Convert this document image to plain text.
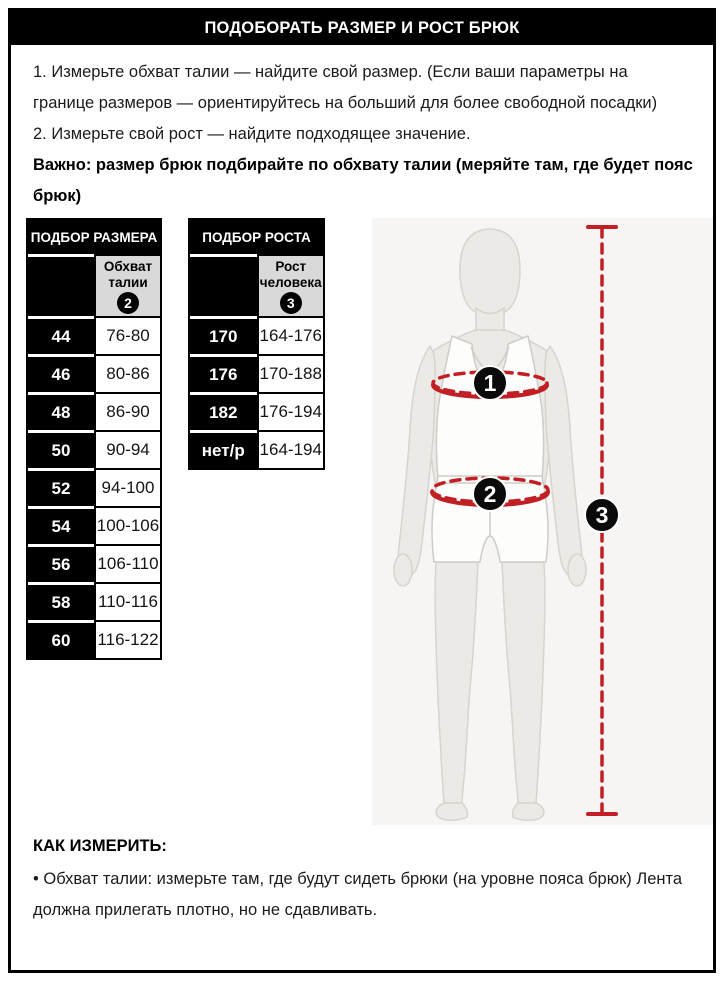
ПОДОБОРАТЬ РАЗМЕР И РОСТ БРЮК

1. Измерьте обхват талии — найдите свой размер. (Если ваши параметры на границе размеров — ориентируйтесь на больший для более свободной посадки)

2. Измерьте свой рост — найдите подходящее значение.

Важно: размер брюк подбирайте по обхвату талии (меряйте там, где будет пояс брюк)

ПОДБОР РАЗМЕРА	
Размер изделия	Обхват талии
2
44	76-80
46	80-86
48	86-90
50	90-94
52	94-100
54	100-106
56	106-110
58	110-116
60	116-122
ПОДБОР РОСТА	
Рост изделия	Рост человека
3
170	164-176
176	170-188
182	176-194
нет/р	164-194
1
2
3
КАК ИЗМЕРИТЬ:

• Обхват талии: измерьте там, где будут сидеть брюки (на уровне пояса брюк) Лента должна прилегать плотно, но не сдавливать.
